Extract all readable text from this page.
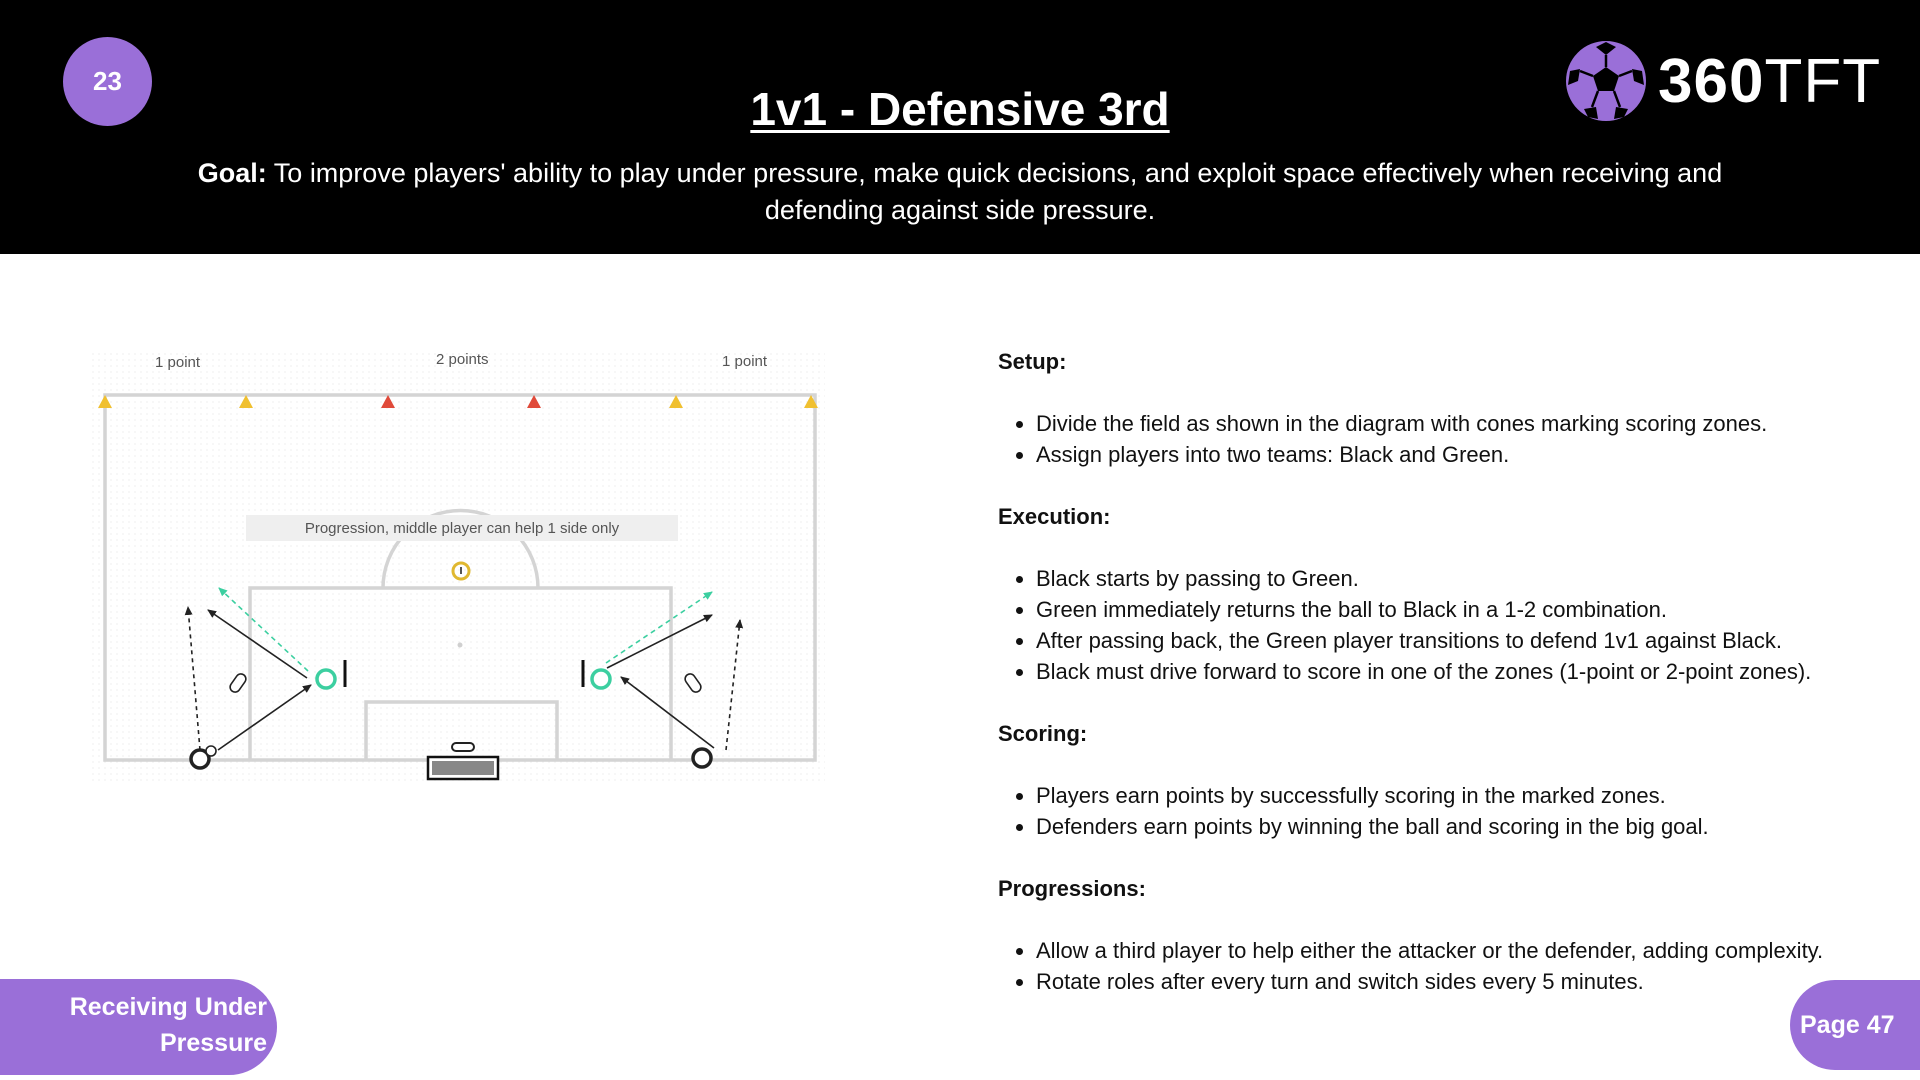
23
1v1 - Defensive 3rd
Goal: To improve players' ability to play under pressure, make quick decisions, and exploit space effectively when receiving and defending against side pressure.
360TFT
1 point	2 points	1 point
Progression, middle player can help 1 side only

Setup:

• Divide the field as shown in the diagram with cones marking scoring zones.
• Assign players into two teams: Black and Green.

Execution:

• Black starts by passing to Green.
• Green immediately returns the ball to Black in a 1-2 combination.
• After passing back, the Green player transitions to defend 1v1 against Black.
• Black must drive forward to score in one of the zones (1-point or 2-point zones).

Scoring:

• Players earn points by successfully scoring in the marked zones.
• Defenders earn points by winning the ball and scoring in the big goal.

Progressions:

• Allow a third player to help either the attacker or the defender, adding complexity.
• Rotate roles after every turn and switch sides every 5 minutes.
Receiving Under
Pressure
Page 47
